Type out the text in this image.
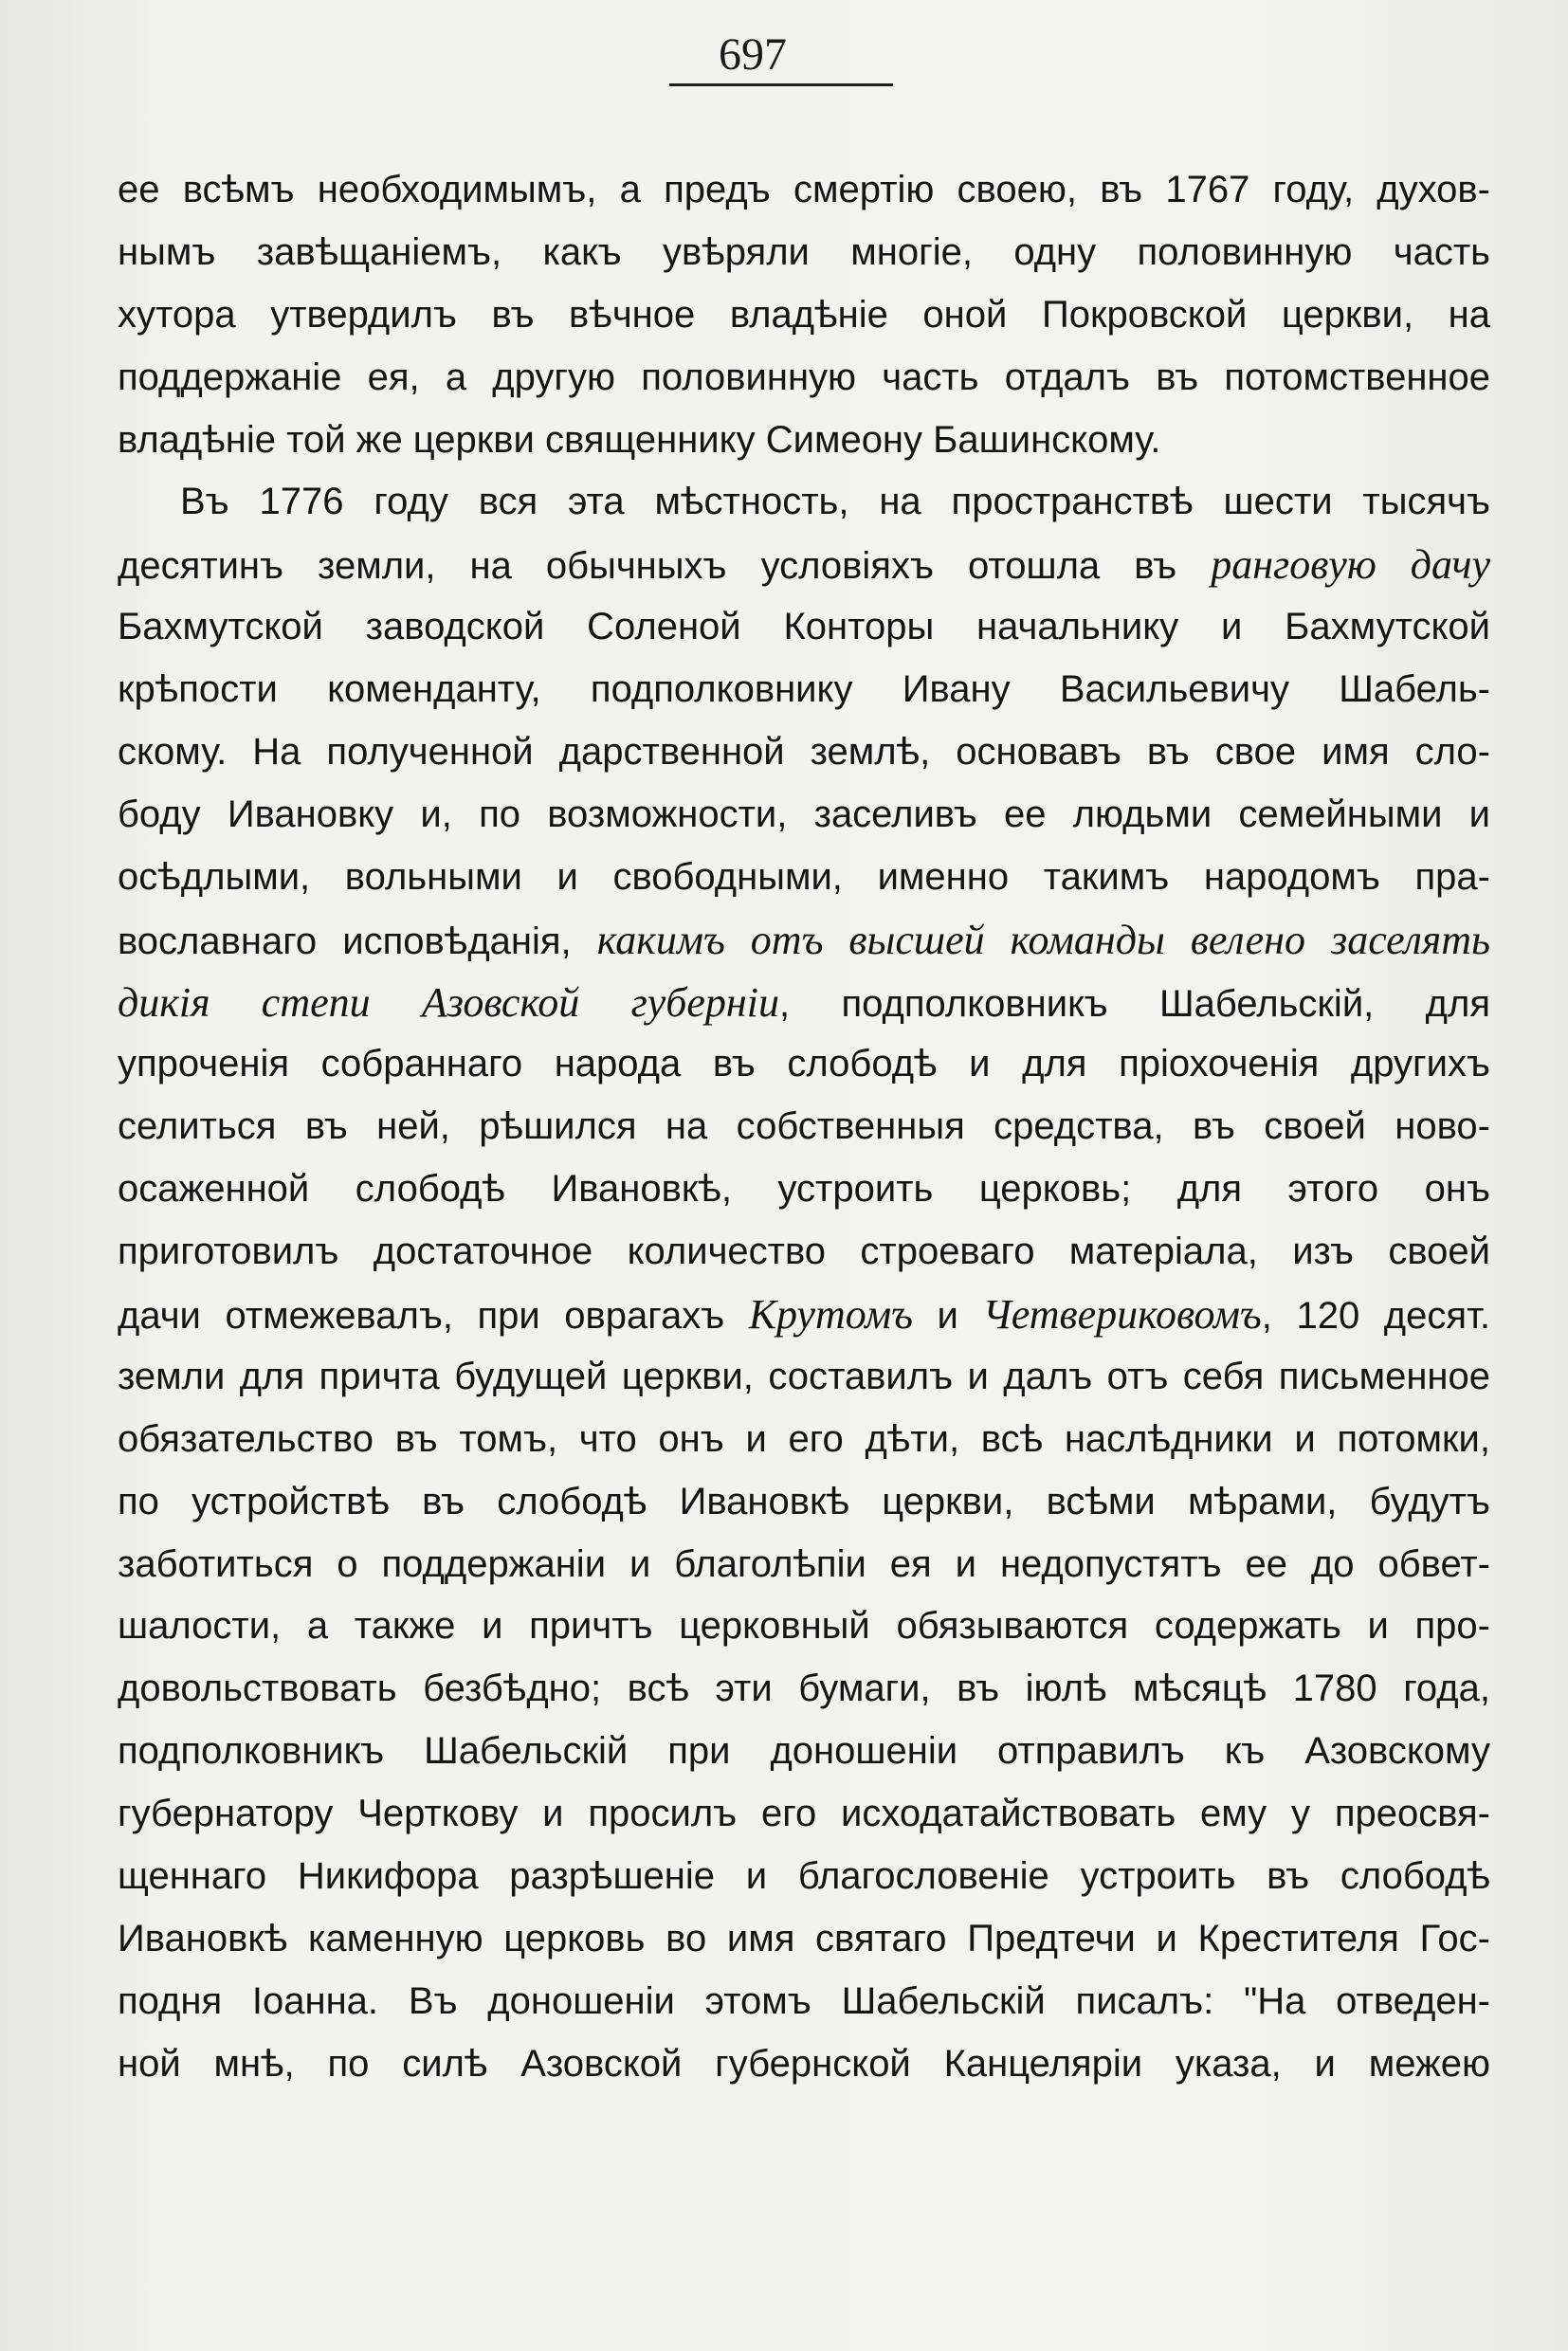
697
ее всѣмъ необходимымъ, а предъ смертію своею, въ 1767 году, духов-
нымъ завѣщаніемъ, какъ увѣряли многіе, одну половинную часть
хутора утвердилъ въ вѣчное владѣніе оной Покровской церкви, на
поддержаніе ея, а другую половинную часть отдалъ въ потомственное
владѣніе той же церкви священнику Симеону Башинскому.
Въ 1776 году вся эта мѣстность, на пространствѣ шести тысячъ
десятинъ земли, на обычныхъ условіяхъ отошла въ ранговую дачу
Бахмутской заводской Соленой Конторы начальнику и Бахмутской
крѣпости коменданту, подполковнику Ивану Васильевичу Шабель-
скому. На полученной дарственной землѣ, основавъ въ свое имя сло-
боду Ивановку и, по возможности, заселивъ ее людьми семейными и
осѣдлыми, вольными и свободными, именно такимъ народомъ пра-
вославнаго исповѣданія, какимъ отъ высшей команды велено заселять
дикія степи Азовской губерніи, подполковникъ Шабельскій, для
упроченія собраннаго народа въ слободѣ и для пріохоченія другихъ
селиться въ ней, рѣшился на собственныя средства, въ своей ново-
осаженной слободѣ Ивановкѣ, устроить церковь; для этого онъ
приготовилъ достаточное количество строеваго матеріала, изъ своей
дачи отмежевалъ, при оврагахъ Крутомъ и Четвериковомъ, 120 десят.
земли для причта будущей церкви, составилъ и далъ отъ себя письменное
обязательство въ томъ, что онъ и его дѣти, всѣ наслѣдники и потомки,
по устройствѣ въ слободѣ Ивановкѣ церкви, всѣми мѣрами, будутъ
заботиться о поддержаніи и благолѣпіи ея и недопустятъ ее до обвет-
шалости, а также и причтъ церковный обязываются содержать и про-
довольствовать безбѣдно; всѣ эти бумаги, въ іюлѣ мѣсяцѣ 1780 года,
подполковникъ Шабельскій при доношеніи отправилъ къ Азовскому
губернатору Черткову и просилъ его исходатайствовать ему у преосвя-
щеннаго Никифора разрѣшеніе и благословеніе устроить въ слободѣ
Ивановкѣ каменную церковь во имя святаго Предтечи и Крестителя Гос-
подня Іоанна. Въ доношеніи этомъ Шабельскій писалъ: "На отведен-
ной мнѣ, по силѣ Азовской губернской Канцеляріи указа, и межею
